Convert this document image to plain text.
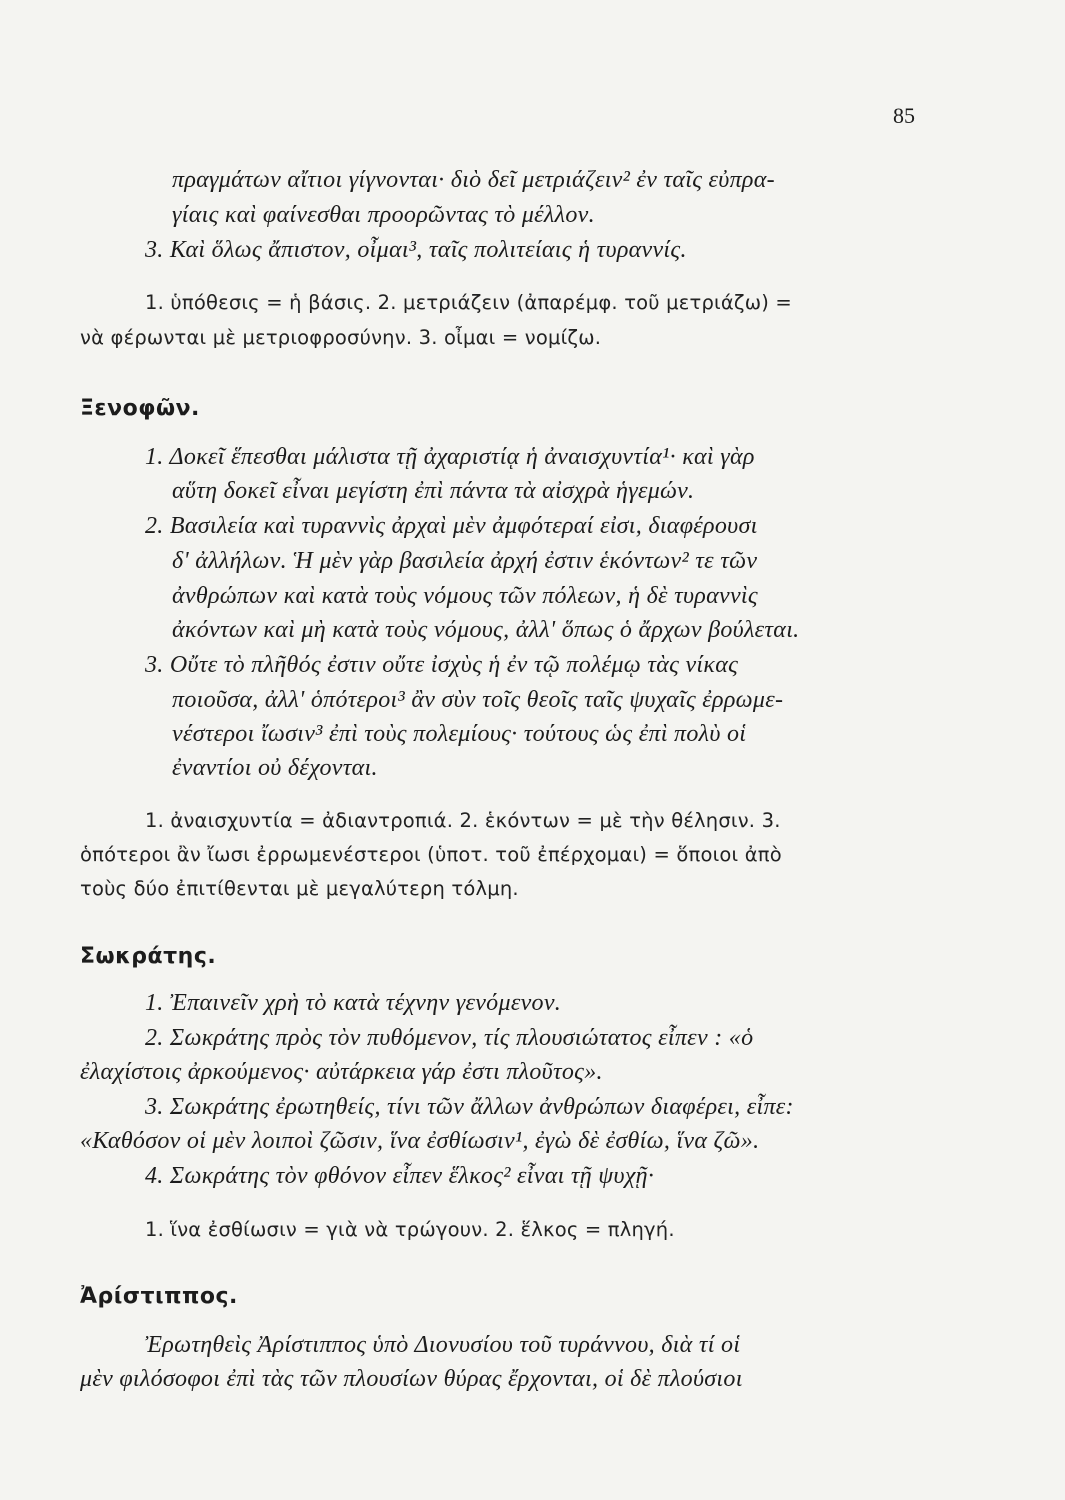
85
πραγμάτων αἴτιοι γίγνονται· διὸ δεῖ μετριάζειν² ἐν ταῖς εὐπρα-
γίαις καὶ φαίνεσθαι προορῶντας τὸ μέλλον.
3. Καὶ ὅλως ἄπιστον, οἶμαι³, ταῖς πολιτείαις ἡ τυραννίς.
1. ὑπόθεσις = ἡ βάσις. 2. μετριάζειν (ἀπαρέμφ. τοῦ μετριάζω) =
νὰ φέρωνται μὲ μετριοφροσύνην. 3. οἶμαι = νομίζω.
Ξενοφῶν.
1. Δοκεῖ ἕπεσθαι μάλιστα τῇ ἀχαριστίᾳ ἡ ἀναισχυντία¹· καὶ γὰρ
αὕτη δοκεῖ εἶναι μεγίστη ἐπὶ πάντα τὰ αἰσχρὰ ἡγεμών.
2. Βασιλεία καὶ τυραννὶς ἀρχαὶ μὲν ἀμφότεραί εἰσι, διαφέρουσι
δ' ἀλλήλων. Ἡ μὲν γὰρ βασιλεία ἀρχή ἐστιν ἑκόντων² τε τῶν
ἀνθρώπων καὶ κατὰ τοὺς νόμους τῶν πόλεων, ἡ δὲ τυραννὶς
ἀκόντων καὶ μὴ κατὰ τοὺς νόμους, ἀλλ' ὅπως ὁ ἄρχων βούλεται.
3. Οὔτε τὸ πλῆθός ἐστιν οὔτε ἰσχὺς ἡ ἐν τῷ πολέμῳ τὰς νίκας
ποιοῦσα, ἀλλ' ὁπότεροι³ ἂν σὺν τοῖς θεοῖς ταῖς ψυχαῖς ἐρρωμε-
νέστεροι ἴωσιν³ ἐπὶ τοὺς πολεμίους· τούτους ὡς ἐπὶ πολὺ οἱ
ἐναντίοι οὐ δέχονται.
1. ἀναισχυντία = ἀδιαντροπιά. 2. ἑκόντων = μὲ τὴν θέλησιν. 3.
ὁπότεροι ἂν ἴωσι ἐρρωμενέστεροι (ὑποτ. τοῦ ἐπέρχομαι) = ὅποιοι ἀπὸ
τοὺς δύο ἐπιτίθενται μὲ μεγαλύτερη τόλμη.
Σωκράτης.
1. Ἐπαινεῖν χρὴ τὸ κατὰ τέχνην γενόμενον.
2. Σωκράτης πρὸς τὸν πυθόμενον, τίς πλουσιώτατος εἶπεν : «ὁ
ἐλαχίστοις ἀρκούμενος· αὐτάρκεια γάρ ἐστι πλοῦτος».
3. Σωκράτης ἐρωτηθείς, τίνι τῶν ἄλλων ἀνθρώπων διαφέρει, εἶπε:
«Καθόσον οἱ μὲν λοιποὶ ζῶσιν, ἵνα ἐσθίωσιν¹, ἐγὼ δὲ ἐσθίω, ἵνα ζῶ».
4. Σωκράτης τὸν φθόνον εἶπεν ἕλκος² εἶναι τῇ ψυχῇ·
1. ἵνα ἐσθίωσιν = γιὰ νὰ τρώγουν. 2. ἕλκος = πληγή.
Ἀρίστιππος.
Ἐρωτηθεὶς Ἀρίστιππος ὑπὸ Διονυσίου τοῦ τυράννου, διὰ τί οἱ
μὲν φιλόσοφοι ἐπὶ τὰς τῶν πλουσίων θύρας ἔρχονται, οἱ δὲ πλούσιοι
